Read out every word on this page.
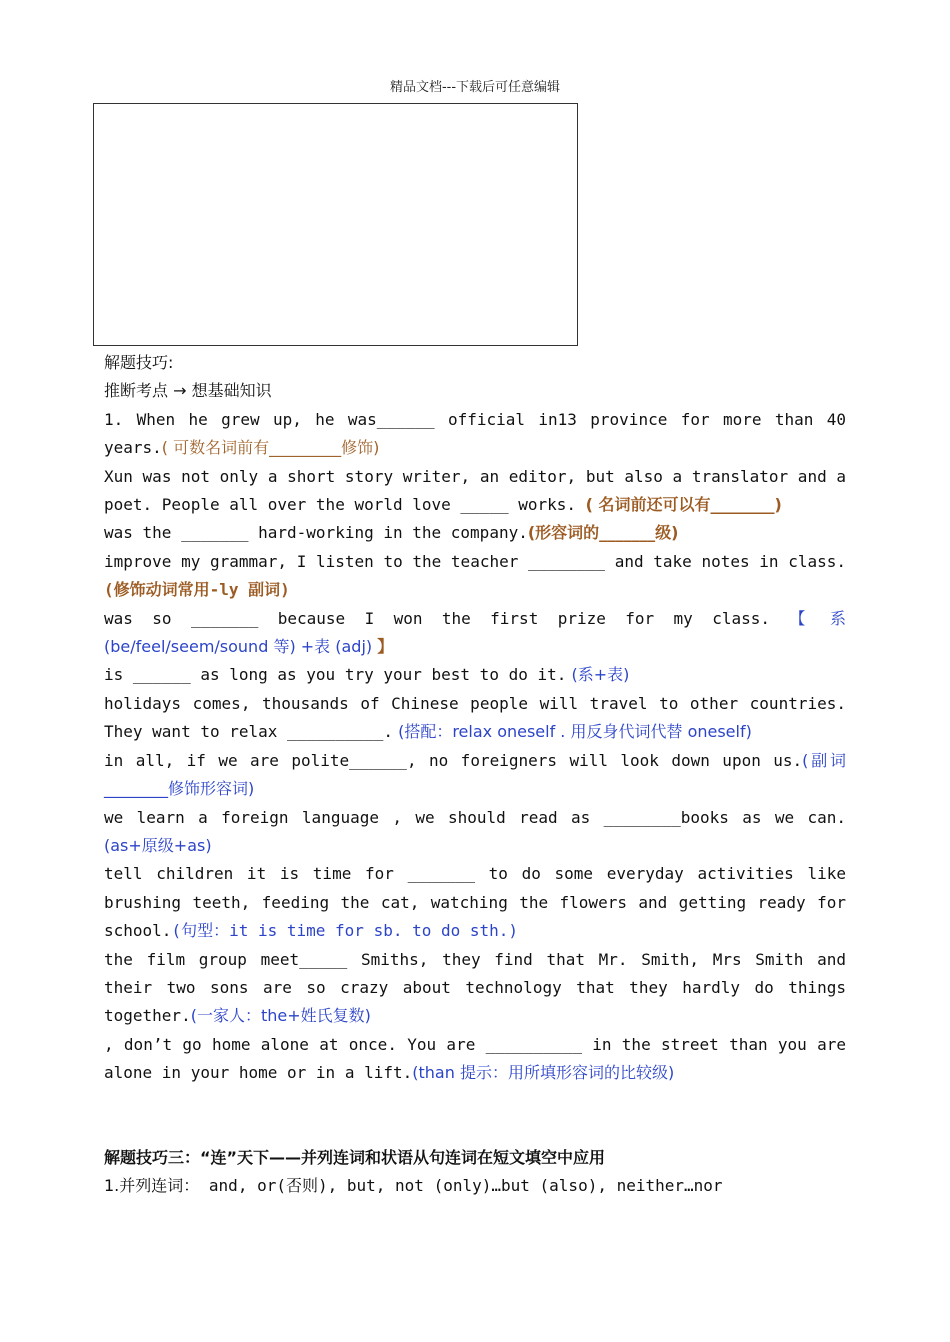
精品文档---下载后可任意编辑

解题技巧:

推断考点 → 想基础知识

1. When he grew up, he was______ official in13 province for more than 40 years.( 可数名词前有_________修饰)

Xun was not only a short story writer, an editor, but also a translator and a poet. People all over the world love _____ works. ( 名词前还可以有________)

was the _______ hard-working in the company.(形容词的_______级)

improve my grammar, I listen to the teacher ________ and take notes in class. (修饰动词常用-ly 副词)

was so _______ because I won the first prize for my class. 【 系 (be/feel/seem/sound 等) +表 (adj) 】

is ______ as long as you try your best to do it. (系+表)

holidays comes, thousands of Chinese people will travel to other countries. They want to relax __________. (搭配：relax oneself . 用反身代词代替 oneself)

in all, if we are polite______, no foreigners will look down upon us.(副词________修饰形容词)

we learn a foreign language , we should read as ________books as we can. (as+原级+as)

tell children it is time for _______ to do some everyday activities like brushing teeth, feeding the cat, watching the flowers and getting ready for school.(句型：it is time for sb. to do sth.)

the film group meet_____ Smiths, they find that Mr. Smith, Mrs Smith and their two sons are so crazy about technology that they hardly do things together.(一家人：the+姓氏复数)

, don’t go home alone at once. You are __________ in the street than you are alone in your home or in a lift.(than 提示：用所填形容词的比较级)

解题技巧三：“连”天下——并列连词和状语从句连词在短文填空中应用

1.并列连词： and, or(否则), but, not (only)…but (also), neither…nor
